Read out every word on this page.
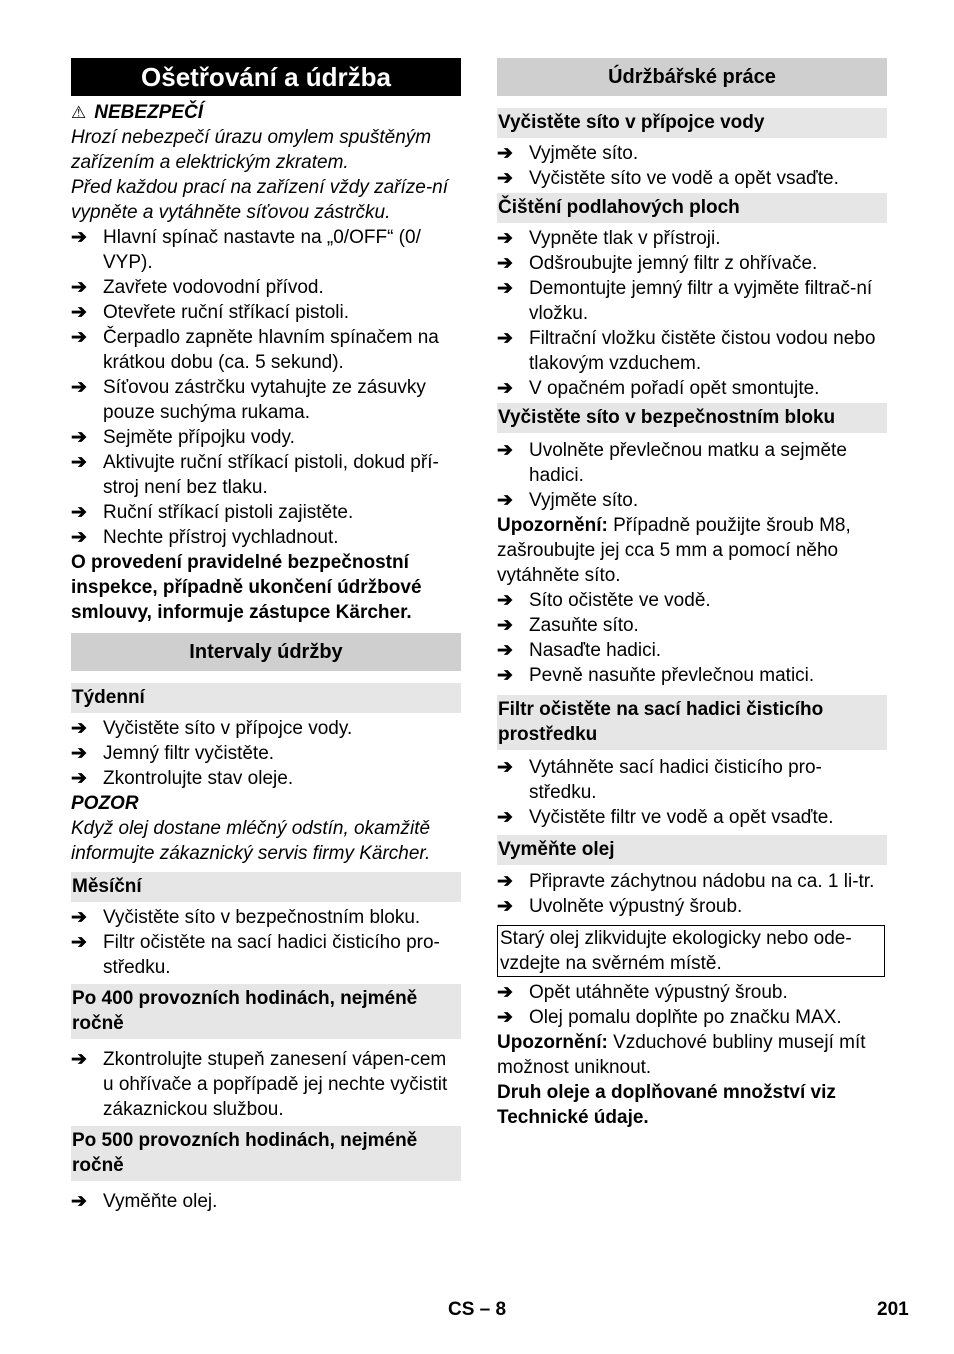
Ošetřování a údržba
⚠ NEBEZPEČÍ
Hrozí nebezpečí úrazu omylem spuštěným zařízením a elektrickým zkratem.
Před každou prací na zařízení vždy zaříze-ní vypněte a vytáhněte síťovou zástrčku.
➔ Hlavní spínač nastavte na „0/OFF“ (0/ VYP).
➔ Zavřete vodovodní přívod.
➔ Otevřete ruční stříkací pistoli.
➔ Čerpadlo zapněte hlavním spínačem na krátkou dobu (ca. 5 sekund).
➔ Síťovou zástrčku vytahujte ze zásuvky pouze suchýma rukama.
➔ Sejměte přípojku vody.
➔ Aktivujte ruční stříkací pistoli, dokud pří-stroj není bez tlaku.
➔ Ruční stříkací pistoli zajistěte.
➔ Nechte přístroj vychladnout.
O provedení pravidelné bezpečnostní inspekce, případně ukončení údržbové smlouvy, informuje zástupce Kärcher.
Intervaly údržby
Týdenní
➔ Vyčistěte síto v přípojce vody.
➔ Jemný filtr vyčistěte.
➔ Zkontrolujte stav oleje.
POZOR
Když olej dostane mléčný odstín, okamžitě informujte zákaznický servis firmy Kärcher.
Měsíční
➔ Vyčistěte síto v bezpečnostním bloku.
➔ Filtr očistěte na sací hadici čisticího pro-středku.
Po 400 provozních hodinách, nejméně ročně
➔ Zkontrolujte stupeň zanesení vápen-cem u ohřívače a popřípadě jej nechte vyčistit zákaznickou službou.
Po 500 provozních hodinách, nejméně ročně
➔ Vyměňte olej.
Údržbářské práce
Vyčistěte síto v přípojce vody
➔ Vyjměte síto.
➔ Vyčistěte síto ve vodě a opět vsaďte.
Čištění podlahových ploch
➔ Vypněte tlak v přístroji.
➔ Odšroubujte jemný filtr z ohřívače.
➔ Demontujte jemný filtr a vyjměte filtrač-ní vložku.
➔ Filtrační vložku čistěte čistou vodou nebo tlakovým vzduchem.
➔ V opačném pořadí opět smontujte.
Vyčistěte síto v bezpečnostním bloku
➔ Uvolněte převlečnou matku a sejměte hadici.
➔ Vyjměte síto.
Upozornění: Případně použijte šroub M8, zašroubujte jej cca 5 mm a pomocí něho vytáhněte síto.
➔ Síto očistěte ve vodě.
➔ Zasuňte síto.
➔ Nasaďte hadici.
➔ Pevně nasuňte převlečnou matici.
Filtr očistěte na sací hadici čisticího prostředku
➔ Vytáhněte sací hadici čisticího pro-středku.
➔ Vyčistěte filtr ve vodě a opět vsaďte.
Vyměňte olej
➔ Připravte záchytnou nádobu na ca. 1 li-tr.
➔ Uvolněte výpustný šroub.
Starý olej zlikvidujte ekologicky nebo ode-vzdejte na svěrném místě.
➔ Opět utáhněte výpustný šroub.
➔ Olej pomalu doplňte po značku MAX.
Upozornění: Vzduchové bubliny musejí mít možnost uniknout.
Druh oleje a doplňované množství viz Technické údaje.
CS – 8	201
